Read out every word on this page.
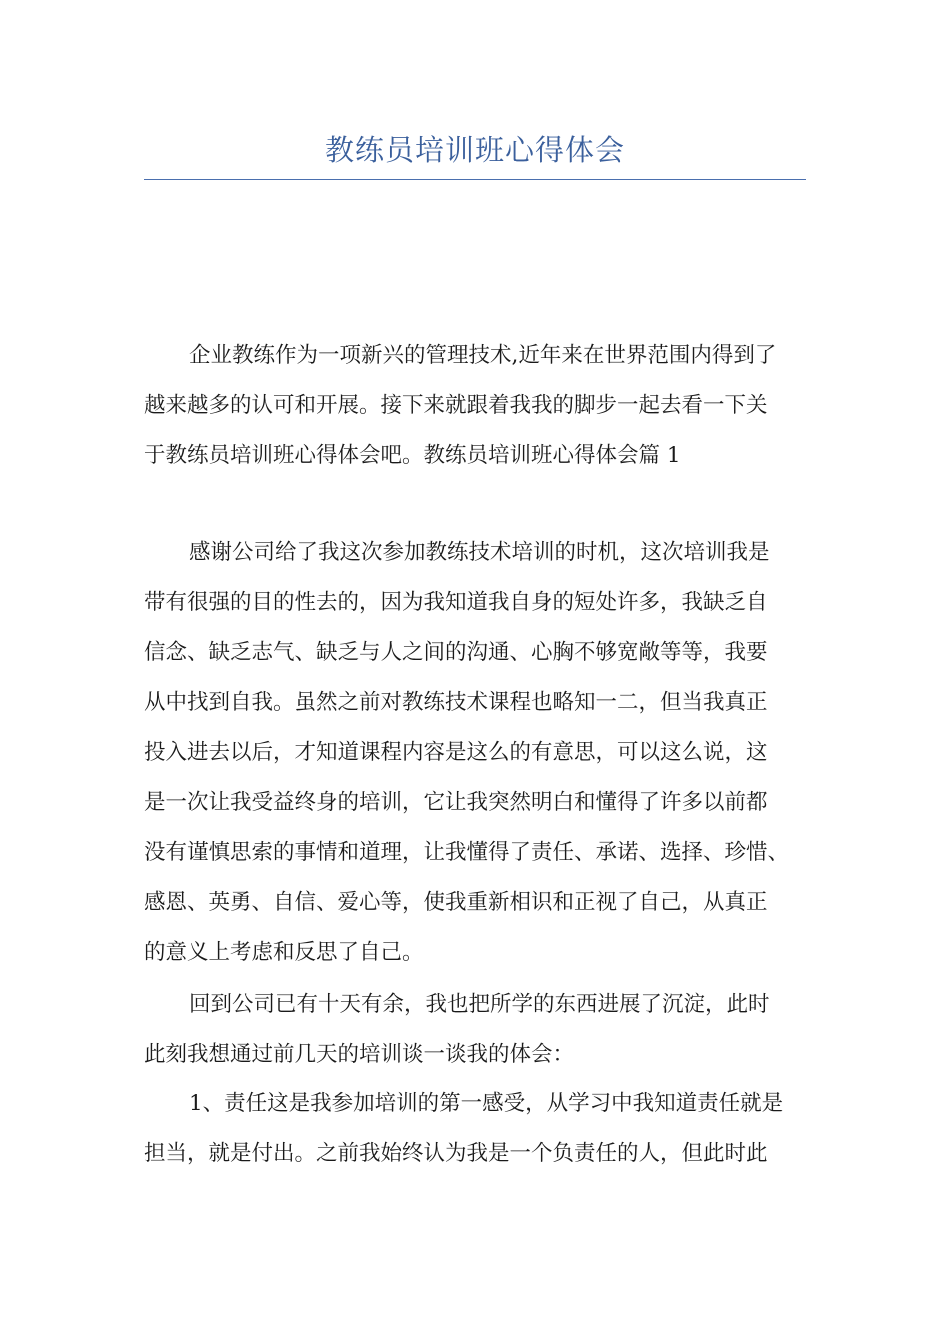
教练员培训班心得体会
企业教练作为一项新兴的管理技术,近年来在世界范围内得到了
越来越多的认可和开展。接下来就跟着我我的脚步一起去看一下关
于教练员培训班心得体会吧。教练员培训班心得体会篇 1
感谢公司给了我这次参加教练技术培训的时机，这次培训我是
带有很强的目的性去的，因为我知道我自身的短处许多，我缺乏自
信念、缺乏志气、缺乏与人之间的沟通、心胸不够宽敞等等，我要
从中找到自我。虽然之前对教练技术课程也略知一二，但当我真正
投入进去以后，才知道课程内容是这么的有意思，可以这么说，这
是一次让我受益终身的培训，它让我突然明白和懂得了许多以前都
没有谨慎思索的事情和道理，让我懂得了责任、承诺、选择、珍惜、
感恩、英勇、自信、爱心等，使我重新相识和正视了自己，从真正
的意义上考虑和反思了自己。
回到公司已有十天有余，我也把所学的东西进展了沉淀，此时
此刻我想通过前几天的培训谈一谈我的体会：
1、责任这是我参加培训的第一感受，从学习中我知道责任就是
担当，就是付出。之前我始终认为我是一个负责任的人，但此时此
